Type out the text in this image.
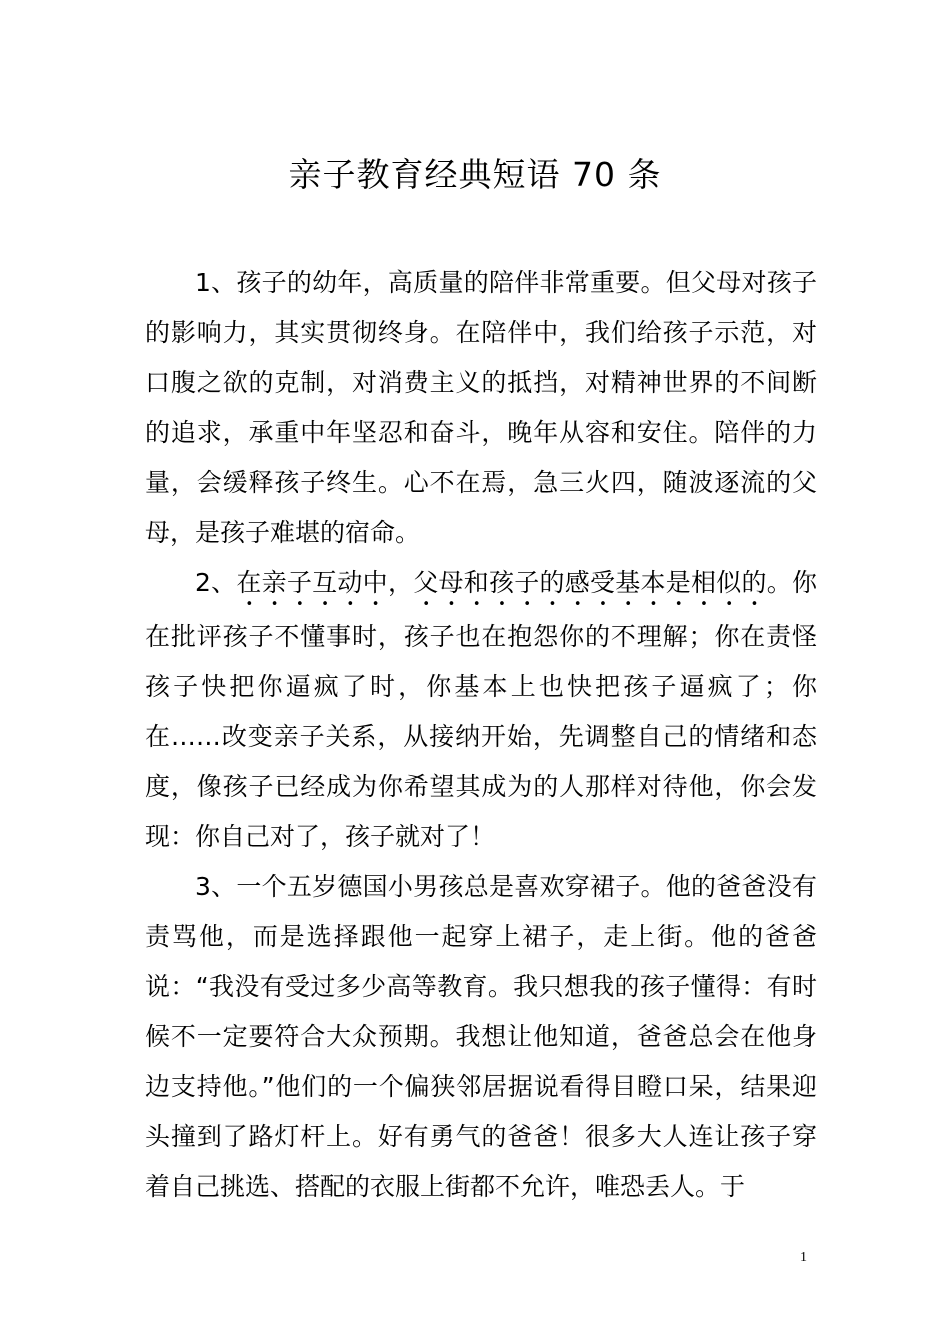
亲子教育经典短语 70 条

1、孩子的幼年，高质量的陪伴非常重要。但父母对孩子的影响力，其实贯彻终身。在陪伴中，我们给孩子示范，对口腹之欲的克制，对消费主义的抵挡，对精神世界的不间断的追求，承重中年坚忍和奋斗，晚年从容和安住。陪伴的力量，会缓释孩子终生。心不在焉，急三火四，随波逐流的父母，是孩子难堪的宿命。

2、在亲子互动中，父母和孩子的感受基本是相似的。你在批评孩子不懂事时，孩子也在抱怨你的不理解；你在责怪孩子快把你逼疯了时，你基本上也快把孩子逼疯了；你在……改变亲子关系，从接纳开始，先调整自己的情绪和态度，像孩子已经成为你希望其成为的人那样对待他，你会发现：你自己对了，孩子就对了！

3、一个五岁德国小男孩总是喜欢穿裙子。他的爸爸没有责骂他，而是选择跟他一起穿上裙子，走上街。他的爸爸说：“我没有受过多少高等教育。我只想我的孩子懂得：有时候不一定要符合大众预期。我想让他知道，爸爸总会在他身边支持他。”他们的一个偏狭邻居据说看得目瞪口呆，结果迎头撞到了路灯杆上。好有勇气的爸爸！很多大人连让孩子穿着自己挑选、搭配的衣服上街都不允许，唯恐丢人。于

1
